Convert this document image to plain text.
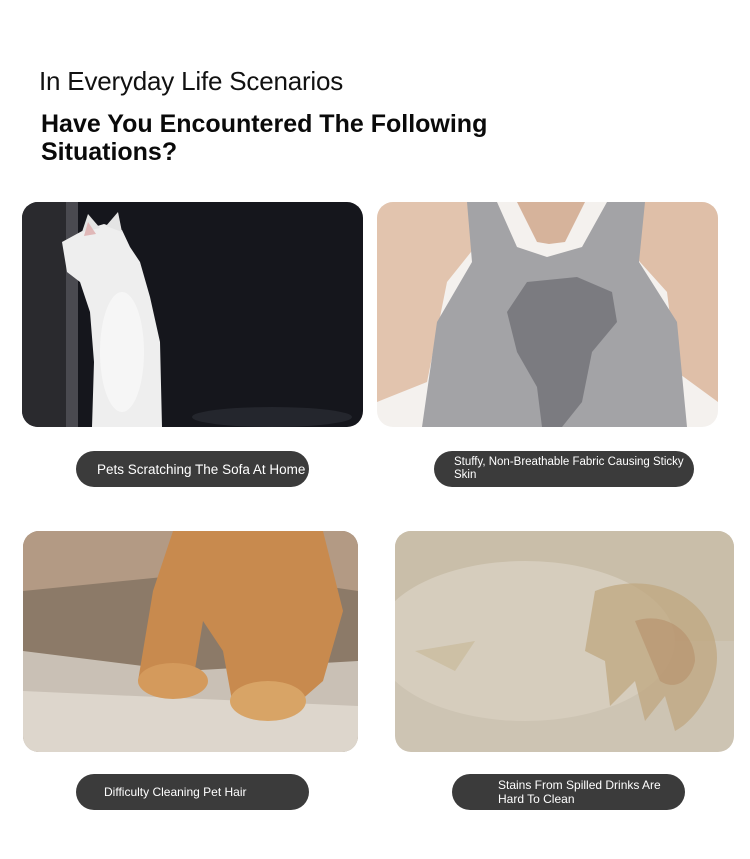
In Everyday Life Scenarios
Have You Encountered The Following Situations?
Pets Scratching The Sofa At Home	Stuffy, Non-Breathable Fabric Causing Sticky Skin
Difficulty Cleaning Pet Hair	Stains From Spilled Drinks Are Hard To Clean
